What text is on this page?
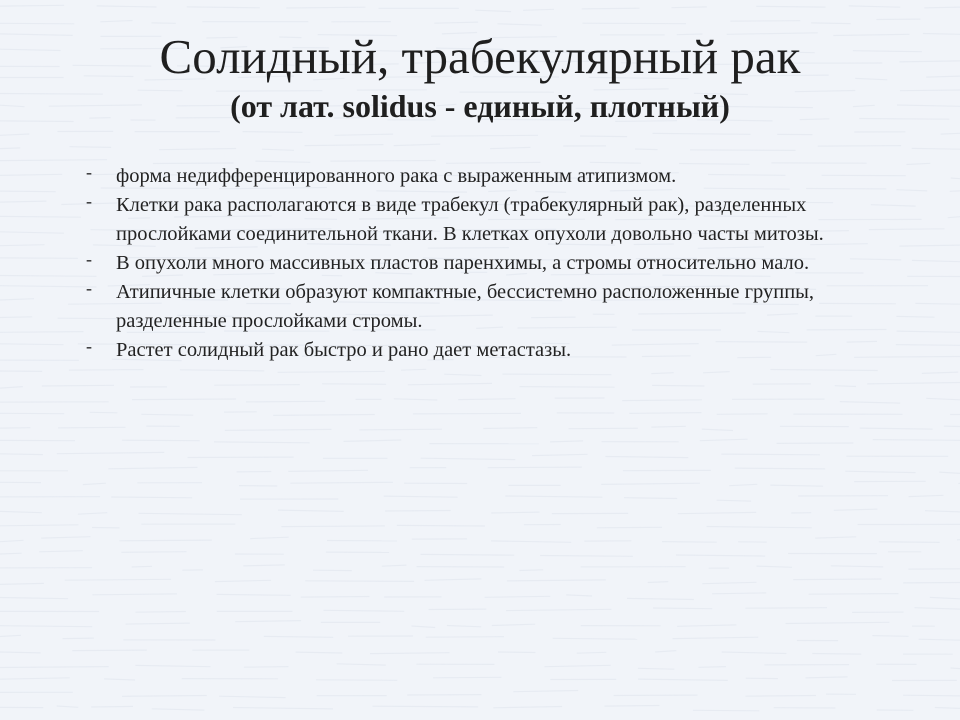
Солидный, трабекулярный рак
(от лат. solidus - единый, плотный)
- форма недифференцированного рака с выраженным атипизмом.
- Клетки рака располагаются в виде трабекул (трабекулярный рак), разделенных прослойками соединительной ткани. В клетках опухоли довольно часты митозы.
- В опухоли много массивных пластов паренхимы, а стромы относительно мало.
- Атипичные клетки образуют компактные, бессистемно расположенные группы, разделенные прослойками стромы.
- Растет солидный рак быстро и рано дает метастазы.
